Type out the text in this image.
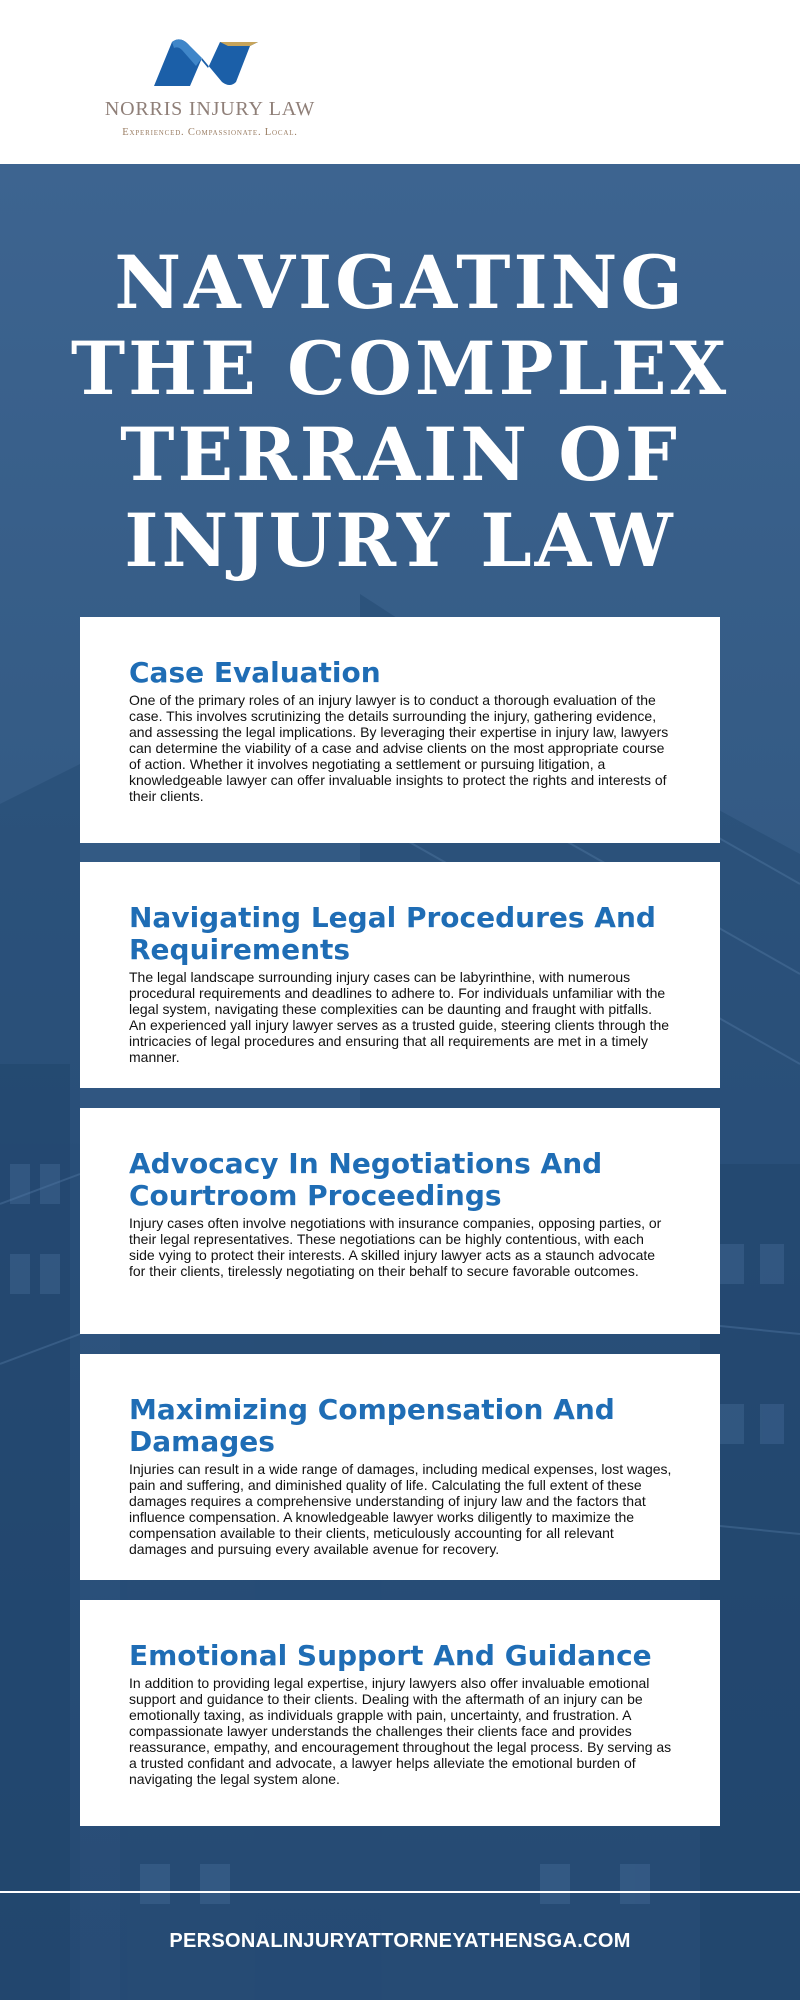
NORRIS INJURY LAW
Experienced. Compassionate. Local.
NAVIGATING THE COMPLEX TERRAIN OF INJURY LAW
Case Evaluation

One of the primary roles of an injury lawyer is to conduct a thorough evaluation of the case. This involves scrutinizing the details surrounding the injury, gathering evidence, and assessing the legal implications. By leveraging their expertise in injury law, lawyers can determine the viability of a case and advise clients on the most appropriate course of action. Whether it involves negotiating a settlement or pursuing litigation, a knowledgeable lawyer can offer invaluable insights to protect the rights and interests of their clients.

Navigating Legal Procedures And Requirements

The legal landscape surrounding injury cases can be labyrinthine, with numerous procedural requirements and deadlines to adhere to. For individuals unfamiliar with the legal system, navigating these complexities can be daunting and fraught with pitfalls. An experienced yall injury lawyer serves as a trusted guide, steering clients through the intricacies of legal procedures and ensuring that all requirements are met in a timely manner.

Advocacy In Negotiations And Courtroom Proceedings

Injury cases often involve negotiations with insurance companies, opposing parties, or their legal representatives. These negotiations can be highly contentious, with each side vying to protect their interests. A skilled injury lawyer acts as a staunch advocate for their clients, tirelessly negotiating on their behalf to secure favorable outcomes.

Maximizing Compensation And Damages

Injuries can result in a wide range of damages, including medical expenses, lost wages, pain and suffering, and diminished quality of life. Calculating the full extent of these damages requires a comprehensive understanding of injury law and the factors that influence compensation. A knowledgeable lawyer works diligently to maximize the compensation available to their clients, meticulously accounting for all relevant damages and pursuing every available avenue for recovery.

Emotional Support And Guidance

In addition to providing legal expertise, injury lawyers also offer invaluable emotional support and guidance to their clients. Dealing with the aftermath of an injury can be emotionally taxing, as individuals grapple with pain, uncertainty, and frustration. A compassionate lawyer understands the challenges their clients face and provides reassurance, empathy, and encouragement throughout the legal process. By serving as a trusted confidant and advocate, a lawyer helps alleviate the emotional burden of navigating the legal system alone.

PERSONALINJURYATTORNEYATHENSGA.COM
